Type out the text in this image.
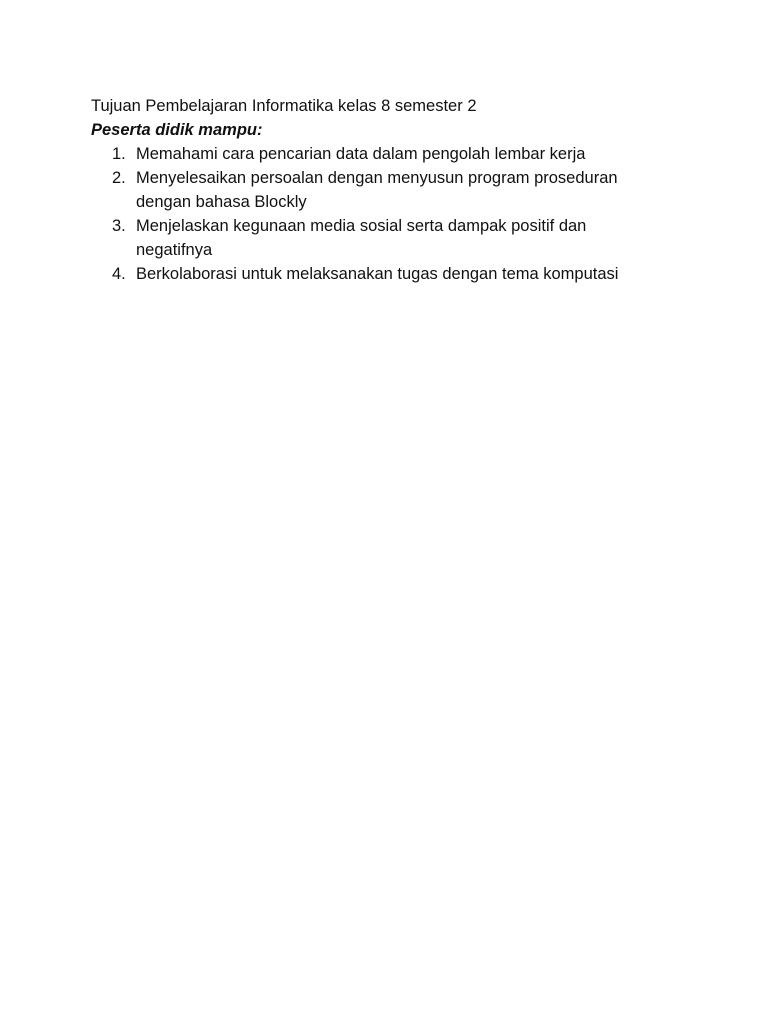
Tujuan Pembelajaran Informatika kelas 8 semester 2

Peserta didik mampu:

1. Memahami cara pencarian data dalam pengolah lembar kerja
2. Menyelesaikan persoalan dengan menyusun program proseduran dengan bahasa Blockly
3. Menjelaskan kegunaan media sosial serta dampak positif dan negatifnya
4. Berkolaborasi untuk melaksanakan tugas dengan tema komputasi
